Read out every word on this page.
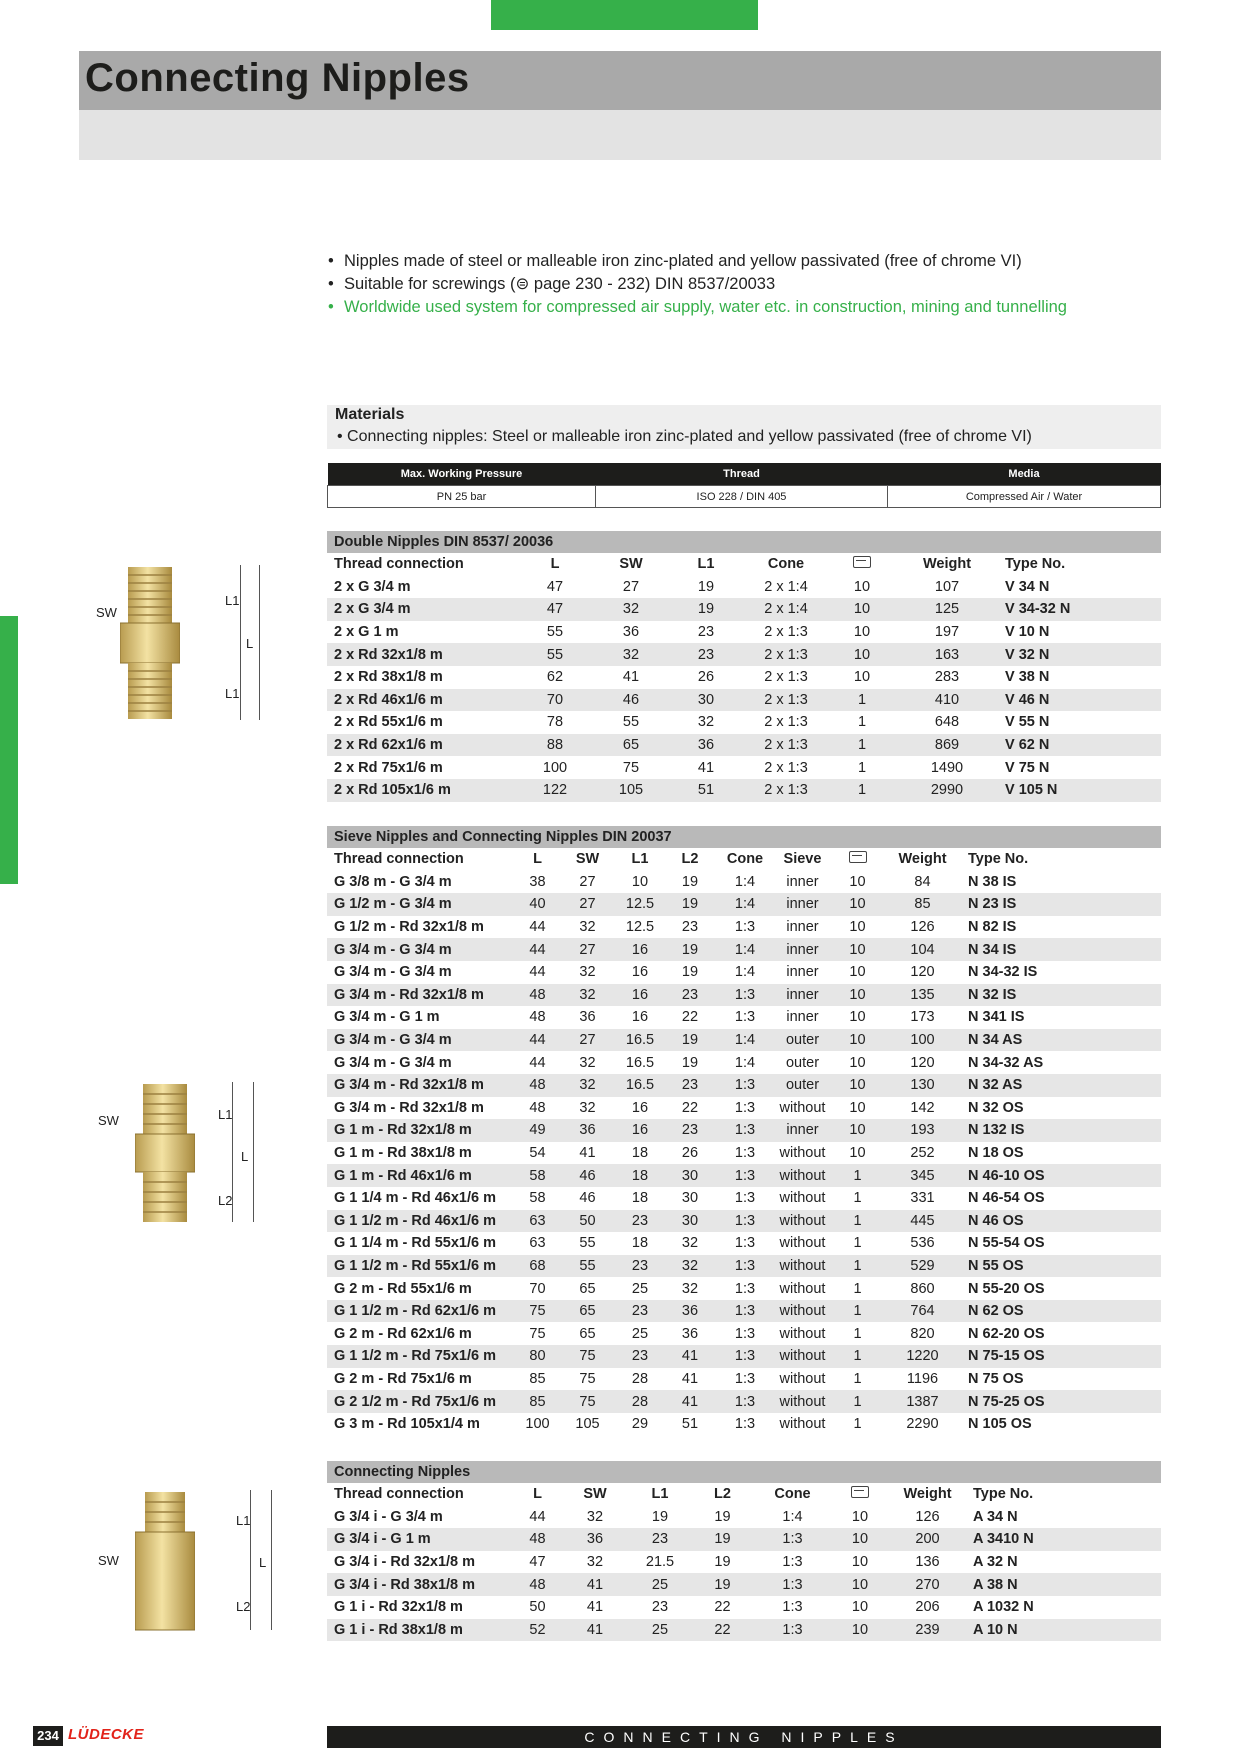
Connecting Nipples
• Nipples made of steel or malleable iron zinc-plated and yellow passivated (free of chrome VI)
• Suitable for screwings (⊜ page 230 - 232) DIN 8537/20033
• Worldwide used system for compressed air supply, water etc. in construction, mining and tunnelling
Materials
• Connecting nipples: Steel or malleable iron zinc-plated and yellow passivated (free of chrome VI)
Max. Working Pressure	Thread	Media
PN 25 bar	ISO 228 / DIN 405	Compressed Air / Water
SW
L1
L
L1
SW	L1
L
L2
SW
L1
L
L2
Double Nipples DIN 8537/ 20036							
Thread connection	L	SW	L1	Cone		Weight	Type No.
2 x G 3/4 m	47	27	19	2 x 1:4	10	107	V 34 N
2 x G 3/4 m	47	32	19	2 x 1:4	10	125	V 34-32 N
2 x G 1 m	55	36	23	2 x 1:3	10	197	V 10 N
2 x Rd 32x1/8 m	55	32	23	2 x 1:3	10	163	V 32 N
2 x Rd 38x1/8 m	62	41	26	2 x 1:3	10	283	V 38 N
2 x Rd 46x1/6 m	70	46	30	2 x 1:3	1	410	V 46 N
2 x Rd 55x1/6 m	78	55	32	2 x 1:3	1	648	V 55 N
2 x Rd 62x1/6 m	88	65	36	2 x 1:3	1	869	V 62 N
2 x Rd 75x1/6 m	100	75	41	2 x 1:3	1	1490	V 75 N
2 x Rd 105x1/6 m	122	105	51	2 x 1:3	1	2990	V 105 N
Sieve Nipples and Connecting Nipples DIN 20037									
Thread connection	L	SW	L1	L2	Cone	Sieve		Weight	Type No.
G 3/8 m - G 3/4 m	38	27	10	19	1:4	inner	10	84	N 38 IS
G 1/2 m - G 3/4 m	40	27	12.5	19	1:4	inner	10	85	N 23 IS
G 1/2 m - Rd 32x1/8 m	44	32	12.5	23	1:3	inner	10	126	N 82 IS
G 3/4 m - G 3/4 m	44	27	16	19	1:4	inner	10	104	N 34 IS
G 3/4 m - G 3/4 m	44	32	16	19	1:4	inner	10	120	N 34-32 IS
G 3/4 m - Rd 32x1/8 m	48	32	16	23	1:3	inner	10	135	N 32 IS
G 3/4 m - G 1 m	48	36	16	22	1:3	inner	10	173	N 341 IS
G 3/4 m - G 3/4 m	44	27	16.5	19	1:4	outer	10	100	N 34 AS
G 3/4 m - G 3/4 m	44	32	16.5	19	1:4	outer	10	120	N 34-32 AS
G 3/4 m - Rd 32x1/8 m	48	32	16.5	23	1:3	outer	10	130	N 32 AS
G 3/4 m - Rd 32x1/8 m	48	32	16	22	1:3	without	10	142	N 32 OS
G 1 m - Rd 32x1/8 m	49	36	16	23	1:3	inner	10	193	N 132 IS
G 1 m - Rd 38x1/8 m	54	41	18	26	1:3	without	10	252	N 18 OS
G 1 m - Rd 46x1/6 m	58	46	18	30	1:3	without	1	345	N 46-10 OS
G 1 1/4 m - Rd 46x1/6 m	58	46	18	30	1:3	without	1	331	N 46-54 OS
G 1 1/2 m - Rd 46x1/6 m	63	50	23	30	1:3	without	1	445	N 46 OS
G 1 1/4 m - Rd 55x1/6 m	63	55	18	32	1:3	without	1	536	N 55-54 OS
G 1 1/2 m - Rd 55x1/6 m	68	55	23	32	1:3	without	1	529	N 55 OS
G 2 m - Rd 55x1/6 m	70	65	25	32	1:3	without	1	860	N 55-20 OS
G 1 1/2 m - Rd 62x1/6 m	75	65	23	36	1:3	without	1	764	N 62 OS
G 2 m - Rd 62x1/6 m	75	65	25	36	1:3	without	1	820	N 62-20 OS
G 1 1/2 m - Rd 75x1/6 m	80	75	23	41	1:3	without	1	1220	N 75-15 OS
G 2 m - Rd 75x1/6 m	85	75	28	41	1:3	without	1	1196	N 75 OS
G 2 1/2 m - Rd 75x1/6 m	85	75	28	41	1:3	without	1	1387	N 75-25 OS
G 3 m - Rd 105x1/4 m	100	105	29	51	1:3	without	1	2290	N 105 OS
Connecting Nipples								
Thread connection	L	SW	L1	L2	Cone		Weight	Type No.
G 3/4 i - G 3/4 m	44	32	19	19	1:4	10	126	A 34 N
G 3/4 i - G 1 m	48	36	23	19	1:3	10	200	A 3410 N
G 3/4 i - Rd 32x1/8 m	47	32	21.5	19	1:3	10	136	A 32 N
G 3/4 i - Rd 38x1/8 m	48	41	25	19	1:3	10	270	A 38 N
G 1 i - Rd 32x1/8 m	50	41	23	22	1:3	10	206	A 1032 N
G 1 i - Rd 38x1/8 m	52	41	25	22	1:3	10	239	A 10 N
234 LÜDECKE	CONNECTING NIPPLES
